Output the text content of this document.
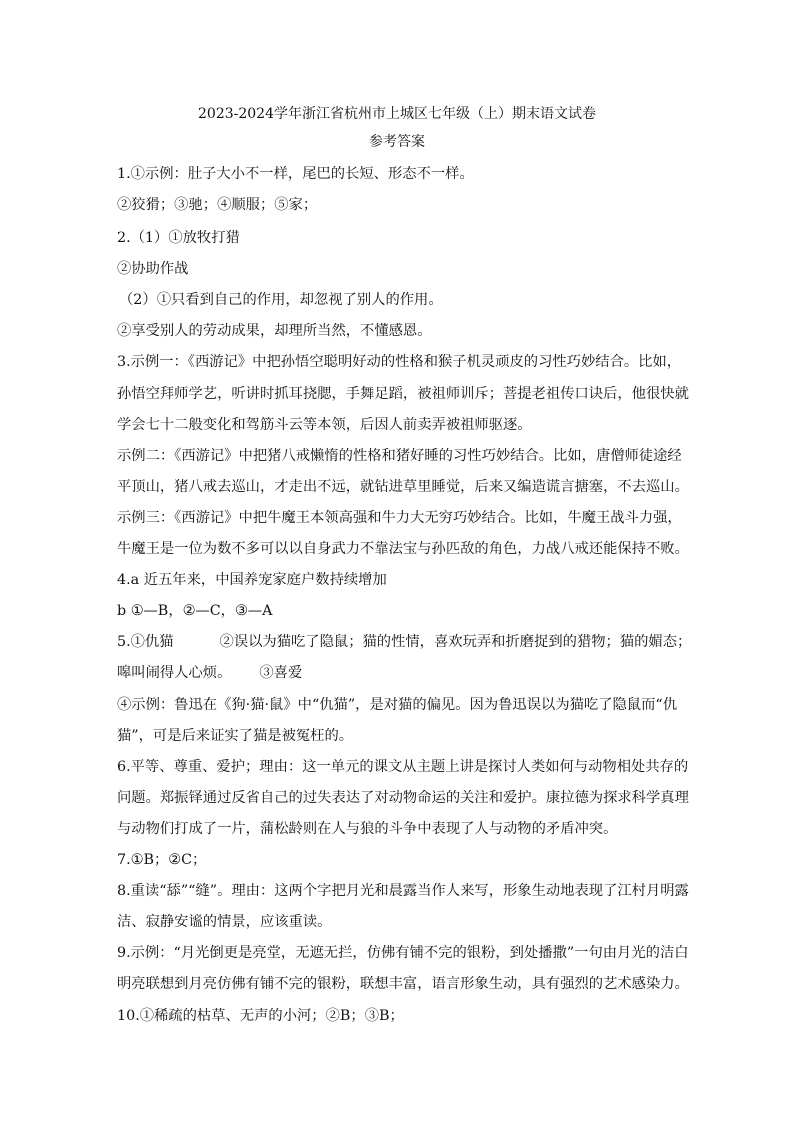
2023-2024学年浙江省杭州市上城区七年级（上）期末语文试卷
参考答案
1.①示例：肚子大小不一样，尾巴的长短、形态不一样。
②狡猾；③驰；④顺服；⑤家；
2.（1）①放牧打猎
②协助作战
（2）①只看到自己的作用，却忽视了别人的作用。
②享受别人的劳动成果，却理所当然，不懂感恩。
3.示例一：《西游记》中把孙悟空聪明好动的性格和猴子机灵顽皮的习性巧妙结合。比如，
孙悟空拜师学艺，听讲时抓耳挠腮，手舞足蹈，被祖师训斥；菩提老祖传口诀后，他很快就
学会七十二般变化和驾筋斗云等本领，后因人前卖弄被祖师驱逐。
示例二：《西游记》中把猪八戒懒惰的性格和猪好睡的习性巧妙结合。比如，唐僧师徒途经
平顶山，猪八戒去巡山，才走出不远，就钻进草里睡觉，后来又编造谎言搪塞，不去巡山。
示例三：《西游记》中把牛魔王本领高强和牛力大无穷巧妙结合。比如，牛魔王战斗力强，
牛魔王是一位为数不多可以以自身武力不靠法宝与孙匹敌的角色，力战八戒还能保持不败。
4.a 近五年来，中国养宠家庭户数持续增加
b ①—B，②—C，③—A
5.①仇猫	②误以为猫吃了隐鼠；猫的性情，喜欢玩弄和折磨捉到的猎物；猫的媚态；
嗥叫闹得人心烦。 ③喜爱
④示例：鲁迅在《狗·猫·鼠》中“仇猫”，是对猫的偏见。因为鲁迅误以为猫吃了隐鼠而“仇
猫”，可是后来证实了猫是被冤枉的。
6.平等、尊重、爱护；理由：这一单元的课文从主题上讲是探讨人类如何与动物相处共存的
问题。郑振铎通过反省自己的过失表达了对动物命运的关注和爱护。康拉德为探求科学真理
与动物们打成了一片，蒲松龄则在人与狼的斗争中表现了人与动物的矛盾冲突。
7.①B；②C；
8.重读“舔”“缝”。理由：这两个字把月光和晨露当作人来写，形象生动地表现了江村月明露
洁、寂静安谧的情景，应该重读。
9.示例：“月光倒更是亮堂，无遮无拦，仿佛有铺不完的银粉，到处播撒”一句由月光的洁白
明亮联想到月亮仿佛有铺不完的银粉，联想丰富，语言形象生动，具有强烈的艺术感染力。
10.①稀疏的枯草、无声的小河；②B；③B；
